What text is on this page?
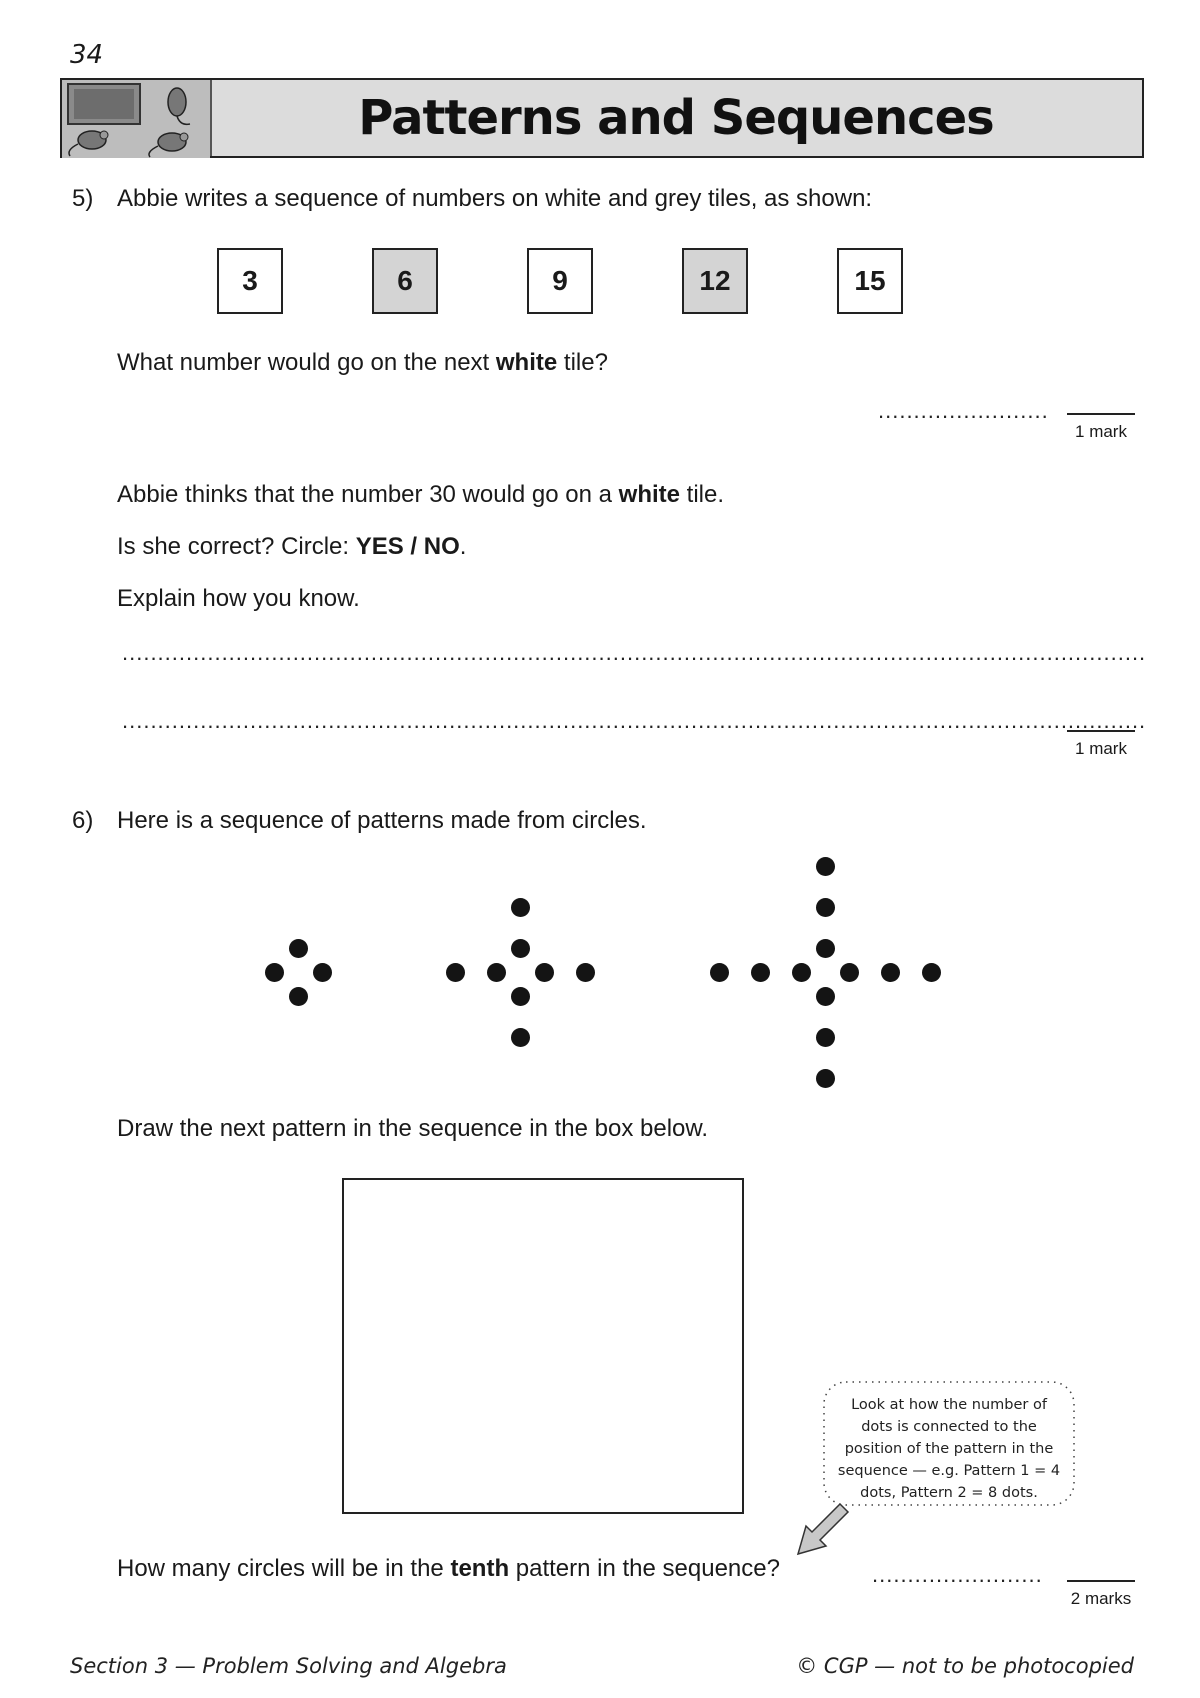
34
Patterns and Sequences
5) Abbie writes a sequence of numbers on white and grey tiles, as shown:
3	6	9	12	15
What number would go on the next white tile?
........................
1 mark
Abbie thinks that the number 30 would go on a white tile.
Is she correct? Circle: YES / NO.
Explain how you know.
................................................................................................................................................
................................................................................................................................................
1 mark
6) Here is a sequence of patterns made from circles.
Draw the next pattern in the sequence in the box below.
Look at how the number of dots is connected to the position of the pattern in the sequence — e.g. Pattern 1 = 4 dots, Pattern 2 = 8 dots.
How many circles will be in the tenth pattern in the sequence?	........................
2 marks
Section 3 — Problem Solving and Algebra	© CGP — not to be photocopied
